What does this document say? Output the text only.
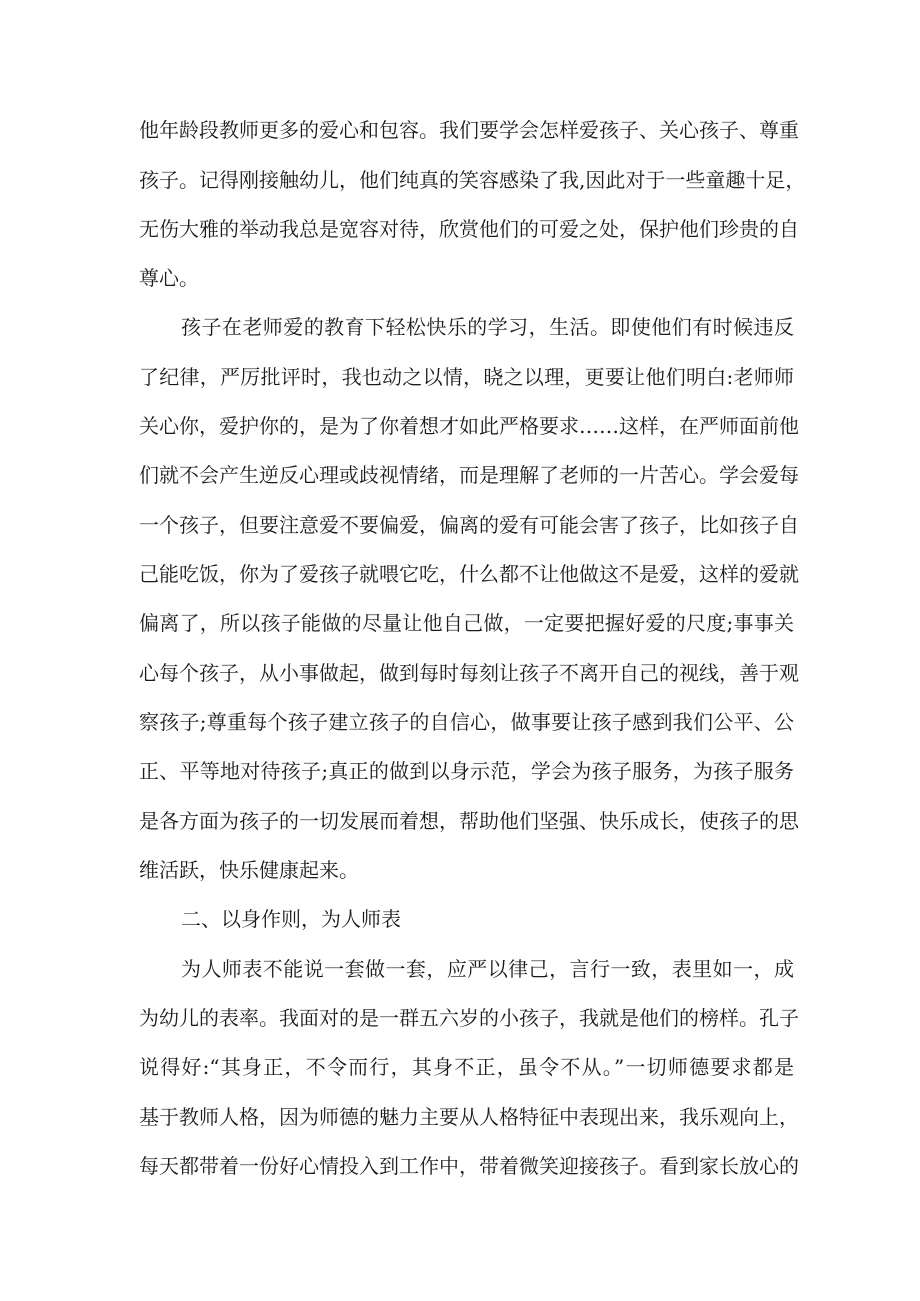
他年龄段教师更多的爱心和包容。我们要学会怎样爱孩子、关心孩子、尊重

孩子。记得刚接触幼儿，他们纯真的笑容感染了我,因此对于一些童趣十足，

无伤大雅的举动我总是宽容对待，欣赏他们的可爱之处，保护他们珍贵的自

尊心。

孩子在老师爱的教育下轻松快乐的学习，生活。即使他们有时候违反

了纪律，严厉批评时，我也动之以情，晓之以理，更要让他们明白:老师师

关心你，爱护你的，是为了你着想才如此严格要求……这样，在严师面前他

们就不会产生逆反心理或歧视情绪，而是理解了老师的一片苦心。学会爱每

一个孩子，但要注意爱不要偏爱，偏离的爱有可能会害了孩子，比如孩子自

己能吃饭，你为了爱孩子就喂它吃，什么都不让他做这不是爱，这样的爱就

偏离了，所以孩子能做的尽量让他自己做，一定要把握好爱的尺度;事事关

心每个孩子，从小事做起，做到每时每刻让孩子不离开自己的视线，善于观

察孩子;尊重每个孩子建立孩子的自信心，做事要让孩子感到我们公平、公

正、平等地对待孩子;真正的做到以身示范，学会为孩子服务，为孩子服务

是各方面为孩子的一切发展而着想，帮助他们坚强、快乐成长，使孩子的思

维活跃，快乐健康起来。

二、以身作则，为人师表

为人师表不能说一套做一套，应严以律己，言行一致，表里如一，成

为幼儿的表率。我面对的是一群五六岁的小孩子，我就是他们的榜样。孔子

说得好:“其身正，不令而行，其身不正，虽令不从。”一切师德要求都是

基于教师人格，因为师德的魅力主要从人格特征中表现出来，我乐观向上，

每天都带着一份好心情投入到工作中，带着微笑迎接孩子。看到家长放心的
